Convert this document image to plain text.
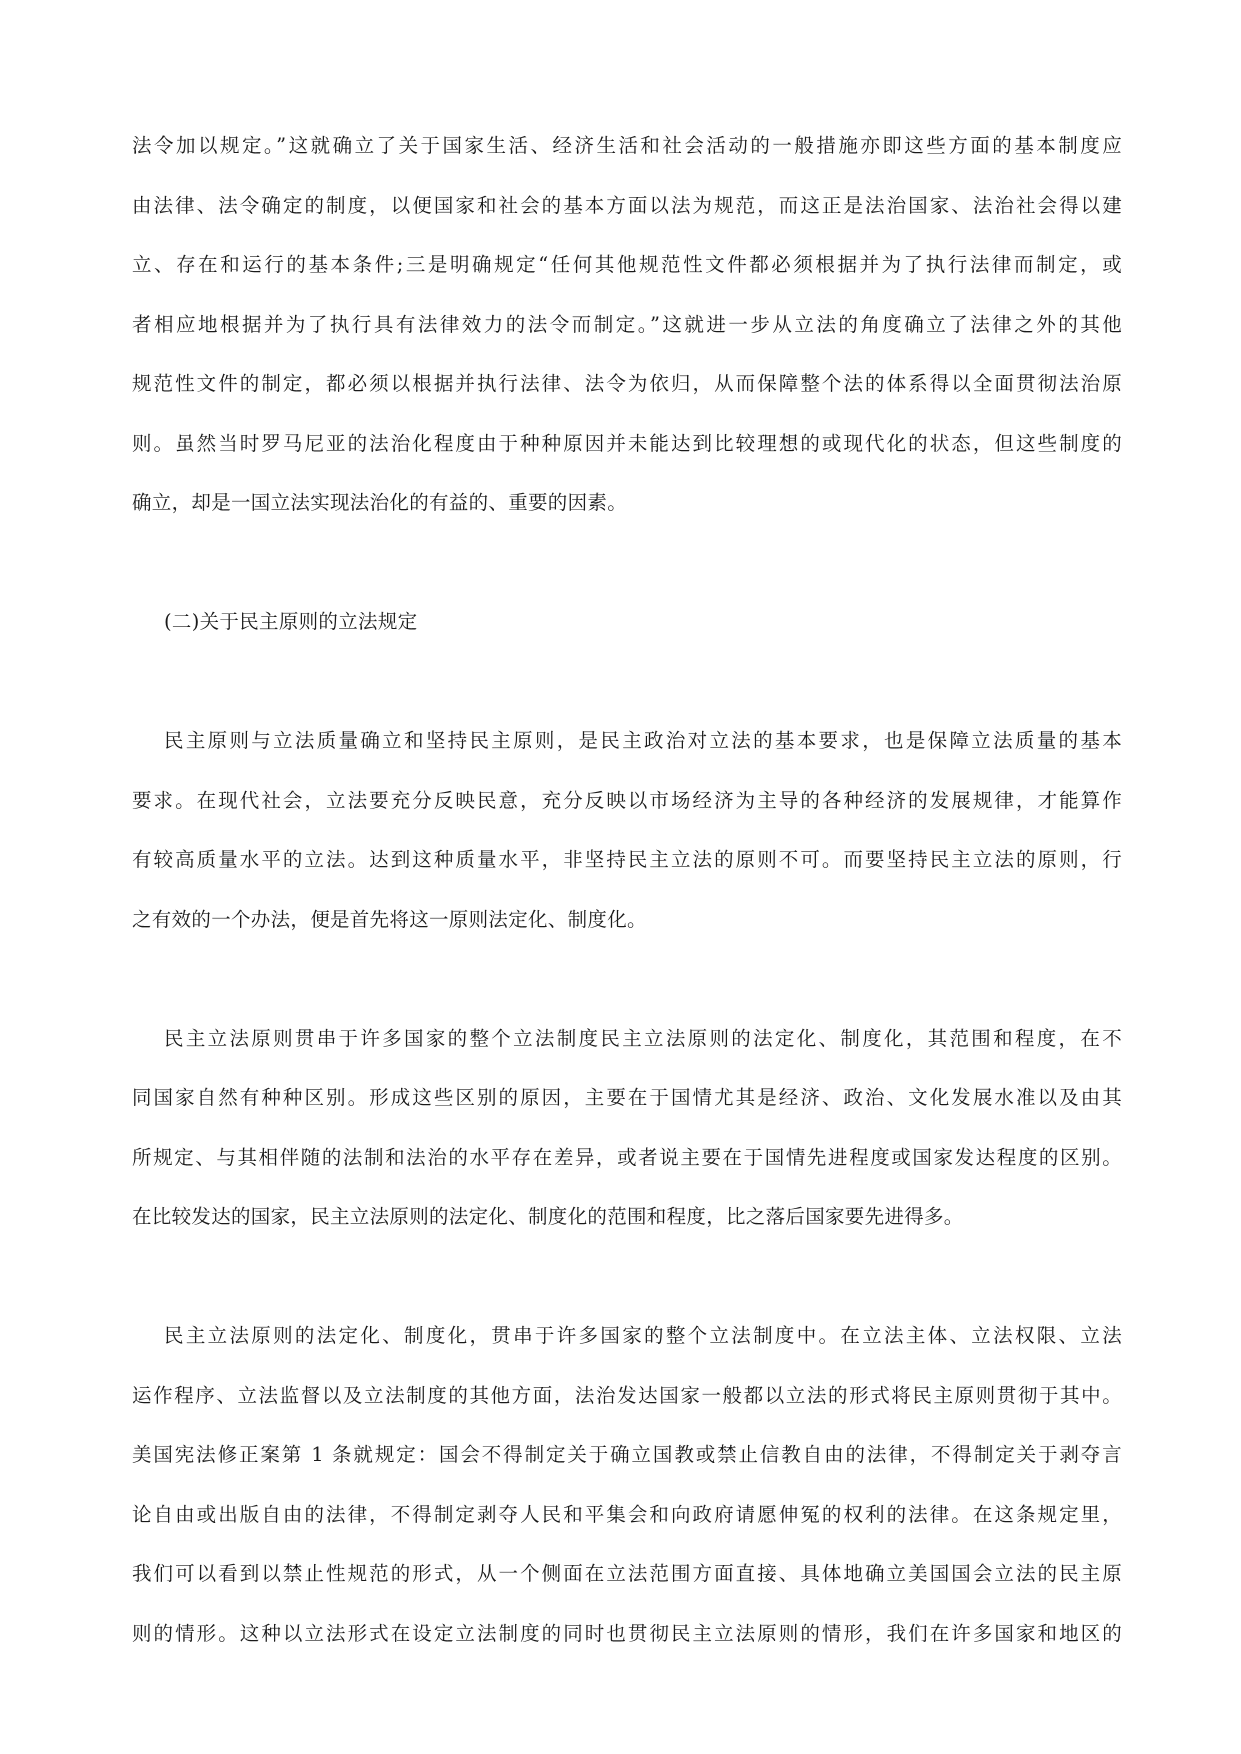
法令加以规定。”这就确立了关于国家生活、经济生活和社会活动的一般措施亦即这些方面的基本制度应
由法律、法令确定的制度，以便国家和社会的基本方面以法为规范，而这正是法治国家、法治社会得以建
立、存在和运行的基本条件;三是明确规定“任何其他规范性文件都必须根据并为了执行法律而制定，或
者相应地根据并为了执行具有法律效力的法令而制定。”这就进一步从立法的角度确立了法律之外的其他
规范性文件的制定，都必须以根据并执行法律、法令为依归，从而保障整个法的体系得以全面贯彻法治原
则。虽然当时罗马尼亚的法治化程度由于种种原因并未能达到比较理想的或现代化的状态，但这些制度的
确立，却是一国立法实现法治化的有益的、重要的因素。
(二)关于民主原则的立法规定
民主原则与立法质量确立和坚持民主原则，是民主政治对立法的基本要求，也是保障立法质量的基本
要求。在现代社会，立法要充分反映民意，充分反映以市场经济为主导的各种经济的发展规律，才能算作
有较高质量水平的立法。达到这种质量水平，非坚持民主立法的原则不可。而要坚持民主立法的原则，行
之有效的一个办法，便是首先将这一原则法定化、制度化。
民主立法原则贯串于许多国家的整个立法制度民主立法原则的法定化、制度化，其范围和程度，在不
同国家自然有种种区别。形成这些区别的原因，主要在于国情尤其是经济、政治、文化发展水准以及由其
所规定、与其相伴随的法制和法治的水平存在差异，或者说主要在于国情先进程度或国家发达程度的区别。
在比较发达的国家，民主立法原则的法定化、制度化的范围和程度，比之落后国家要先进得多。
民主立法原则的法定化、制度化，贯串于许多国家的整个立法制度中。在立法主体、立法权限、立法
运作程序、立法监督以及立法制度的其他方面，法治发达国家一般都以立法的形式将民主原则贯彻于其中。
美国宪法修正案第 1 条就规定：国会不得制定关于确立国教或禁止信教自由的法律，不得制定关于剥夺言
论自由或出版自由的法律，不得制定剥夺人民和平集会和向政府请愿伸冤的权利的法律。在这条规定里，
我们可以看到以禁止性规范的形式，从一个侧面在立法范围方面直接、具体地确立美国国会立法的民主原
则的情形。这种以立法形式在设定立法制度的同时也贯彻民主立法原则的情形，我们在许多国家和地区的
